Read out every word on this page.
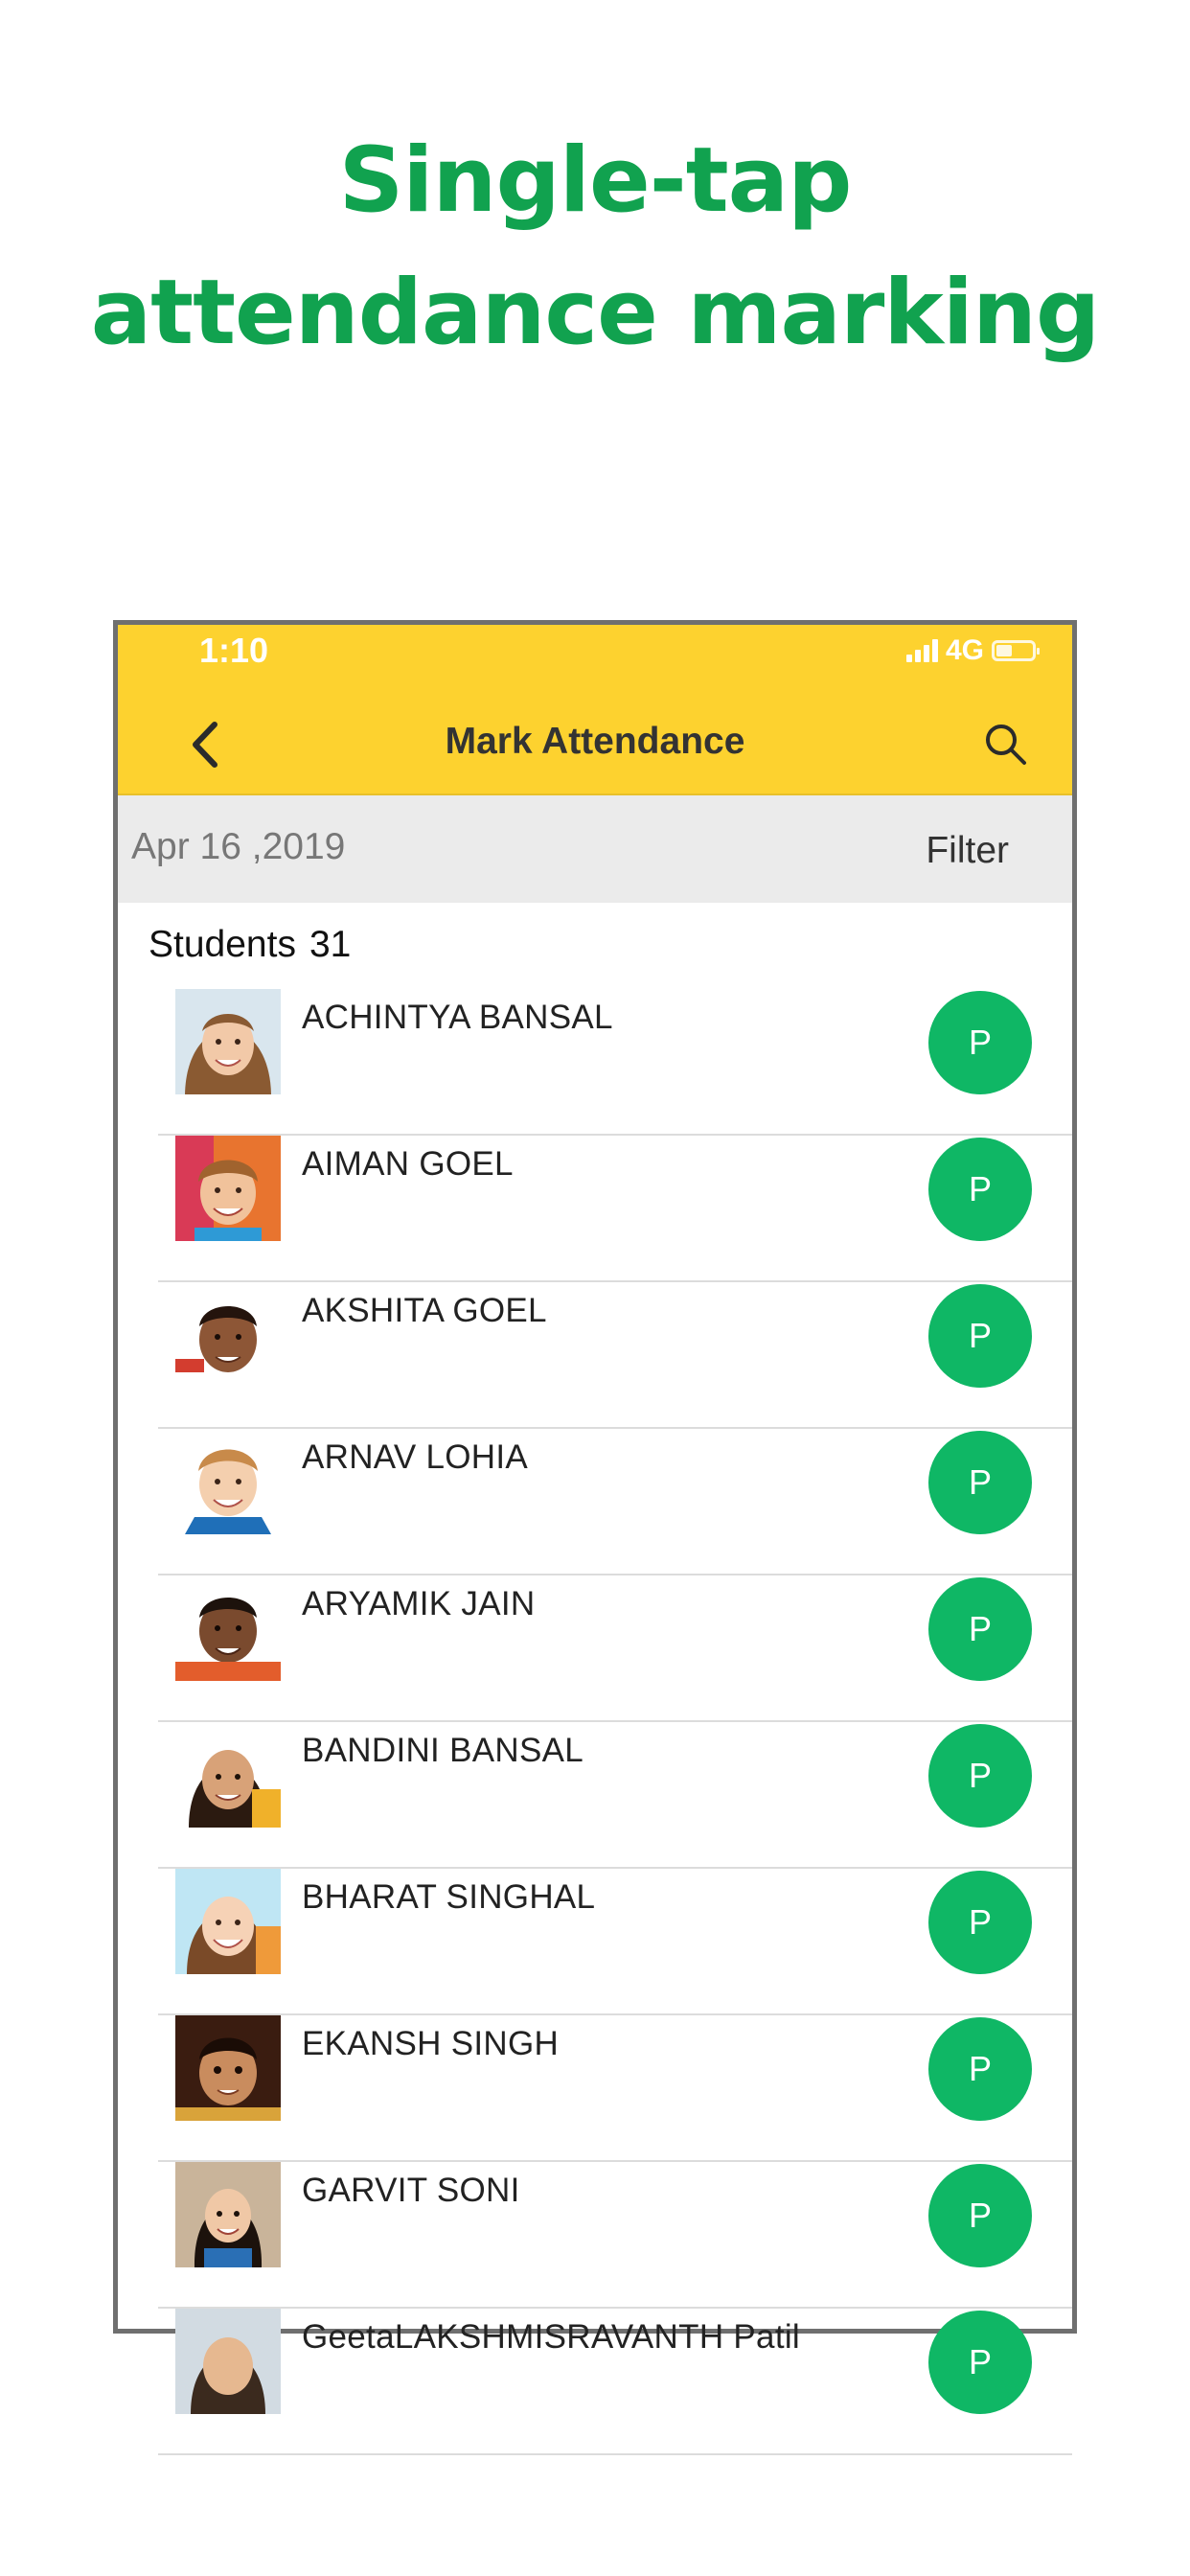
Single-tap
attendance marking
1:10	4G
Mark Attendance
Apr 16 ,2019	Filter
Students 31
ACHINTYA BANSAL
P
AIMAN GOEL
P
AKSHITA GOEL
P
ARNAV LOHIA
P
ARYAMIK JAIN
P
BANDINI BANSAL
P
BHARAT SINGHAL
P
EKANSH SINGH
P
GARVIT SONI
P
GeetaLAKSHMISRAVANTH Patil
P
